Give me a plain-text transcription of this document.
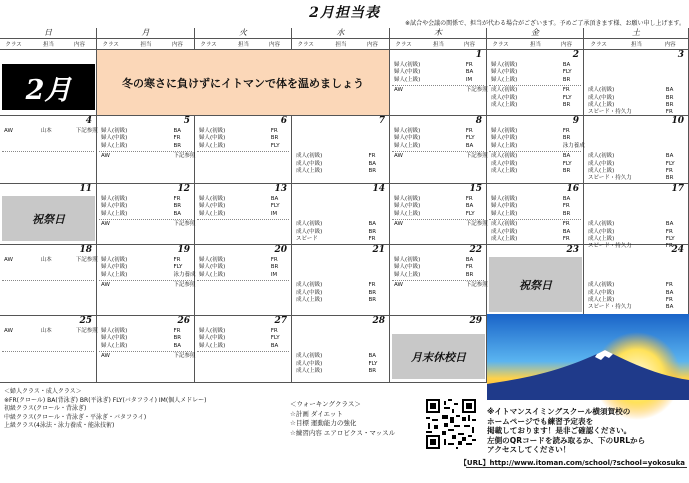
2月担当表
※試合や会議の関係で、担当が代わる場合がございます。予めご了承頂きます様、お願い申し上げます。
日
クラス	担当	内容
月
クラス	担当	内容
火
クラス	担当	内容
水
クラス	担当	内容
木
クラス	担当	内容
金
クラス	担当	内容
土
クラス	担当	内容
1
婦人(初級)	FR
婦人(中級)	BA
婦人(上級)	IM
AW	下記参照
2
婦人(初級)	BA
婦人(中級)	FLY
婦人(上級)	BR
成人(初級)	FR
成人(中級)	FLY
成人(上級)	BR
3
成人(初級)	BA
成人(中級)	BR
成人(上級)	BR
スピード・持久力	FR
4
AW	山本	下記参照
5
婦人(初級)	BA
婦人(中級)	FR
婦人(上級)	BR
AW	下記参照
6
婦人(初級)	FR
婦人(中級)	BR
婦人(上級)	FLY
7
成人(初級)	FR
成人(中級)	BA
成人(上級)	BR
8
婦人(初級)	FR
婦人(中級)	FLY
婦人(上級)	BA
AW	下記参照
9
婦人(初級)	FR
婦人(中級)	BR
婦人(上級)	泳力養成
成人(初級)	BA
成人(中級)	FLY
成人(上級)	BR
10
成人(初級)	BA
成人(中級)	FLY
成人(上級)	FR
スピード・持久力	BR
11
祝祭日
12
婦人(初級)	FR
婦人(中級)	BR
婦人(上級)	BA
AW	下記参照
13
婦人(初級)	BA
婦人(中級)	FLY
婦人(上級)	IM
14
成人(初級)	BA
成人(中級)	BR
スピード	FR
15
婦人(初級)	FR
婦人(中級)	BA
婦人(上級)	FLY
AW	下記参照
16
婦人(初級)	BA
婦人(中級)	FR
婦人(上級)	BR
成人(初級)	FR
成人(中級)	BA
成人(上級)	FR
17
成人(初級)	BA
成人(中級)	FR
成人(上級)	FLY
スピード・持久力	FR
18
AW	山本	下記参照
19
婦人(初級)	FR
婦人(中級)	FLY
婦人(上級)	泳力養成
AW	下記参照
20
婦人(初級)	FR
婦人(中級)	BR
婦人(上級)	IM
21
成人(初級)	FR
成人(中級)	BR
成人(上級)	BR
22
婦人(初級)	BA
婦人(中級)	FR
婦人(上級)	BR
AW	下記参照
23
祝祭日
24
成人(初級)	FR
成人(中級)	BA
成人(上級)	FR
スピード・持久力	BA
25
AW	山本	下記参照
26
婦人(初級)	FR
婦人(中級)	BR
婦人(上級)	BA
AW	下記参照
27
婦人(初級)	FR
婦人(中級)	FLY
婦人(上級)	BA
28
成人(初級)	BA
成人(中級)	FLY
成人(上級)	BR
29
月末休校日
2月	冬の寒さに負けずにイトマンで体を温めましょう
＜婦人クラス・成人クラス＞
※FR(クロール) BA(背泳ぎ) BR(平泳ぎ) FLY(バタフライ) IM(個人メドレー)
初級クラス(クロール・背泳ぎ)
中級クラス(クロール・背泳ぎ・平泳ぎ・バタフライ)
上級クラス(4泳法・泳力養成・能泳技術)
＜ウォーキングクラス＞
☆計画 ダイエット
☆目標 運動能力の強化
☆練習内容 エアロビクス・マッスル
※イトマンスイミングスクール横須賀校の
ホームページでも練習予定表を
掲載しております！是非ご確認ください。
左側のQRコードを読み取るか、下のURLから
アクセスしてください！
【URL】http://www.itoman.com/school/?school=yokosuka
